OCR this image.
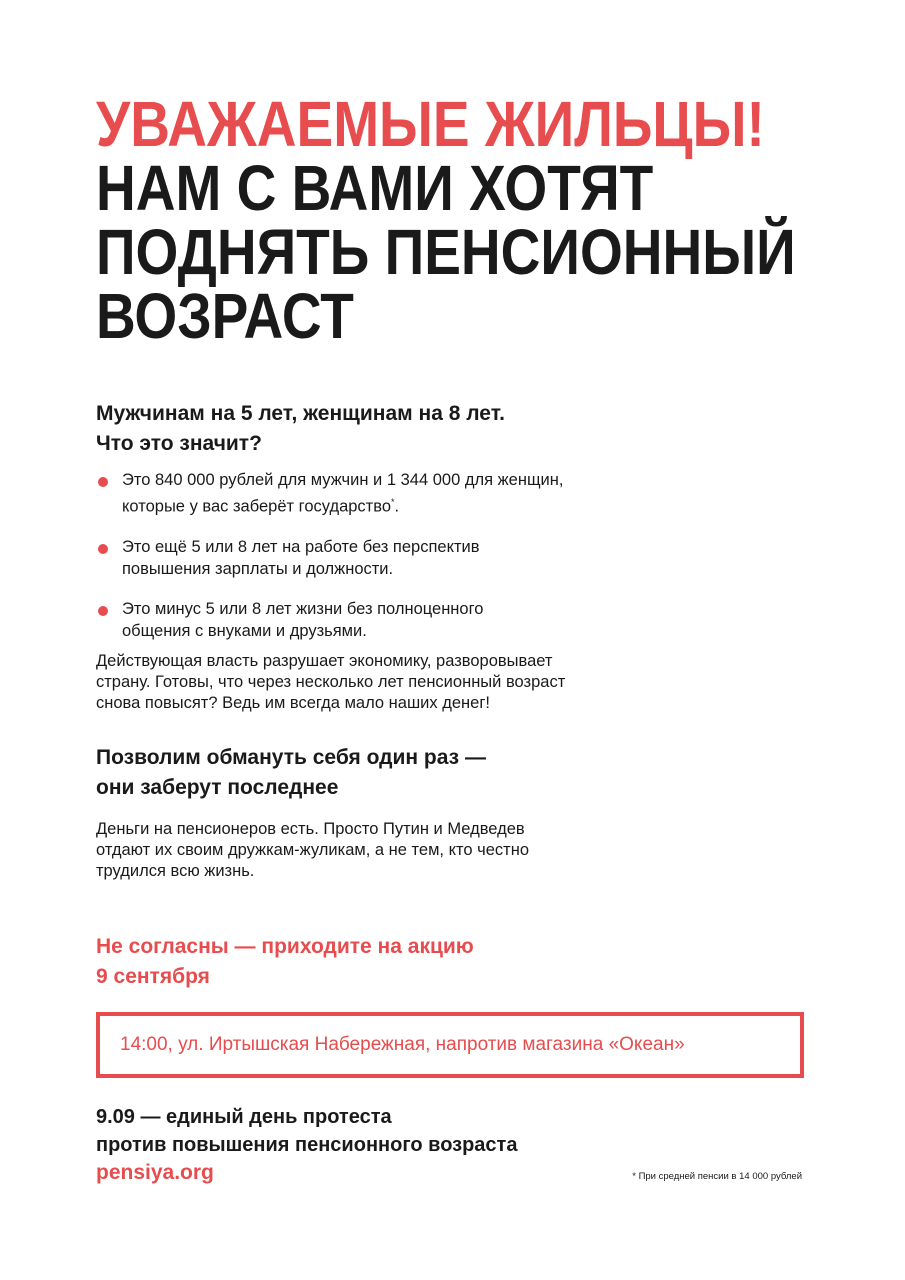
УВАЖАЕМЫЕ ЖИЛЬЦЫ!
НАМ С ВАМИ ХОТЯТ
ПОДНЯТЬ ПЕНСИОННЫЙ
ВОЗРАСТ
Мужчинам на 5 лет, женщинам на 8 лет.
Что это значит?
Это 840 000 рублей для мужчин и 1 344 000 для женщин,
которые у вас заберёт государство*.
Это ещё 5 или 8 лет на работе без перспектив
повышения зарплаты и должности.
Это минус 5 или 8 лет жизни без полноценного
общения с внуками и друзьями.

Действующая власть разрушает экономику, разворовывает
страну. Готовы, что через несколько лет пенсионный возраст
снова повысят? Ведь им всегда мало наших денег!

Позволим обмануть себя один раз —
они заберут последнее

Деньги на пенсионеров есть. Просто Путин и Медведев
отдают их своим дружкам-жуликам, а не тем, кто честно
трудился всю жизнь.

Не согласны — приходите на акцию
9 сентября
14:00, ул. Иртышская Набережная, напротив магазина «Океан»

9.09 — единый день протеста
против повышения пенсионного возраста

pensiya.org	* При средней пенсии в 14 000 рублей
